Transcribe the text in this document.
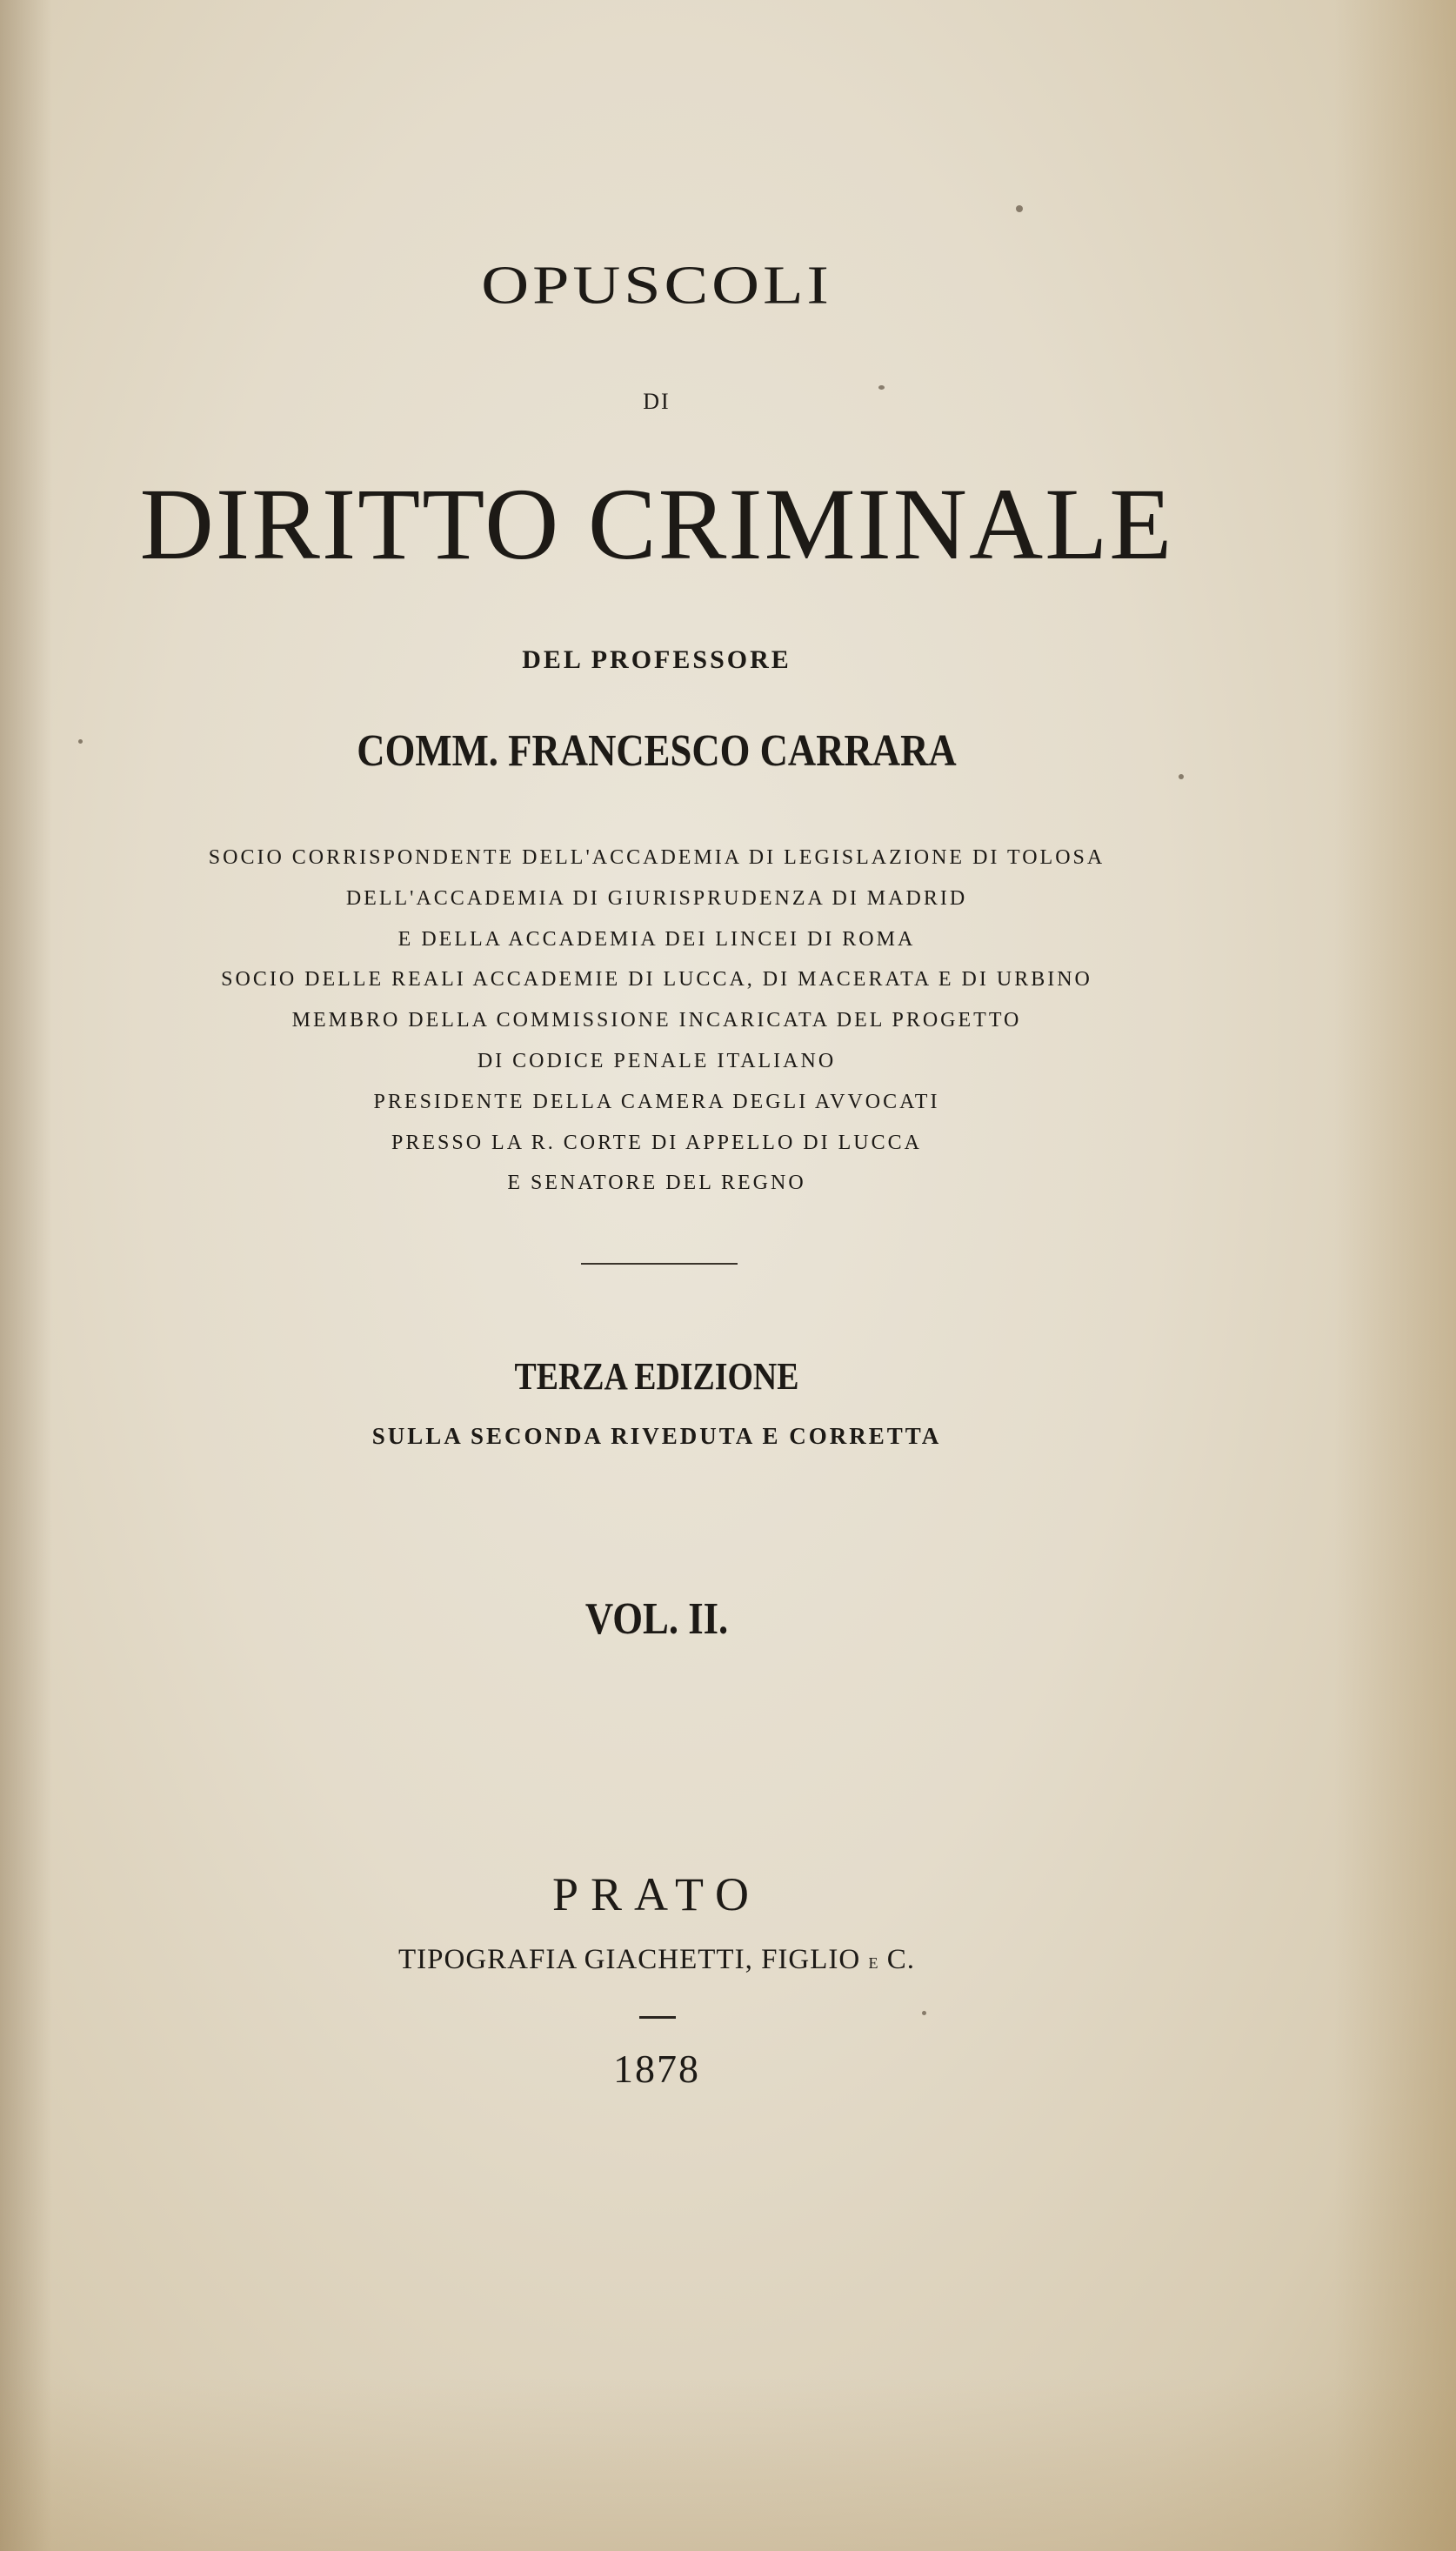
OPUSCOLI
DI
DIRITTO CRIMINALE
DEL PROFESSORE
COMM. FRANCESCO CARRARA
SOCIO CORRISPONDENTE DELL'ACCADEMIA DI LEGISLAZIONE DI TOLOSA
DELL'ACCADEMIA DI GIURISPRUDENZA DI MADRID
E DELLA ACCADEMIA DEI LINCEI DI ROMA
SOCIO DELLE REALI ACCADEMIE DI LUCCA, DI MACERATA E DI URBINO
MEMBRO DELLA COMMISSIONE INCARICATA DEL PROGETTO
DI CODICE PENALE ITALIANO
PRESIDENTE DELLA CAMERA DEGLI AVVOCATI
PRESSO LA R. CORTE DI APPELLO DI LUCCA
E SENATORE DEL REGNO
TERZA EDIZIONE
SULLA SECONDA RIVEDUTA E CORRETTA
VOL. II.
PRATO
TIPOGRAFIA GIACHETTI, FIGLIO E C.
1878
